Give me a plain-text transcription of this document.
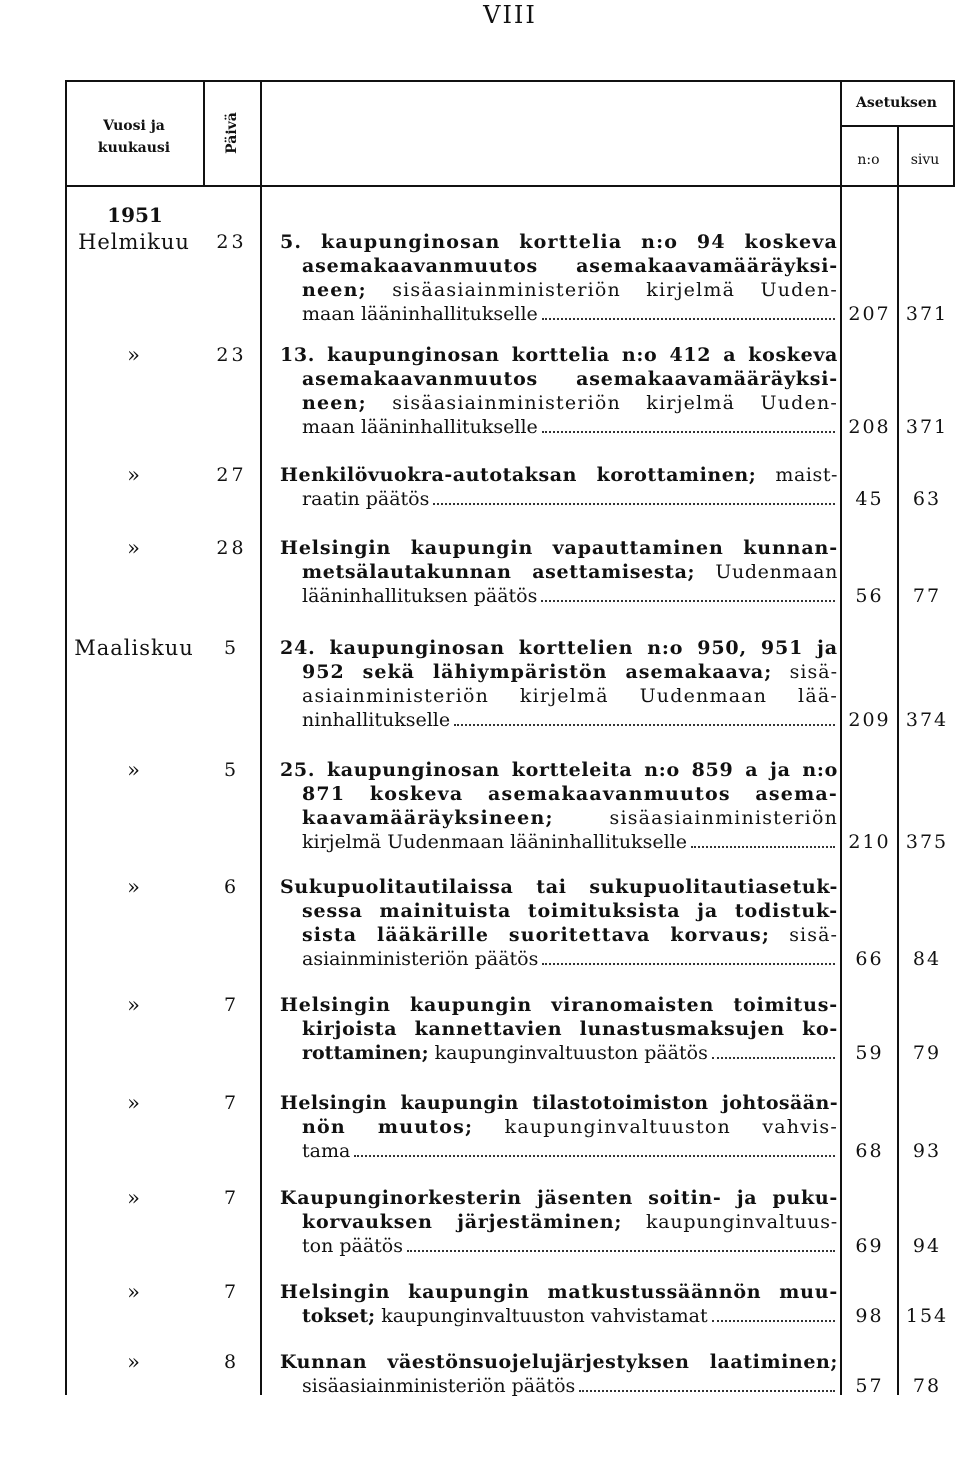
VIII
Vuosi ja
kuukausi	Päivä
Asetuksen
n:o	sivu
1951
Helmikuu	23	5. kaupunginosan korttelia n:o 94 koskeva
asemakaavanmuutos asemakaavamääräyksi-
neen; sisäasiainministeriön kirjelmä Uuden-
maan lääninhallitukselle	207 371
»	23	13. kaupunginosan korttelia n:o 412 a koskeva
asemakaavanmuutos asemakaavamääräyksi-
neen; sisäasiainministeriön kirjelmä Uuden-
maan lääninhallitukselle	208 371
»	27	Henkilövuokra-autotaksan korottaminen; maist-
raatin päätös	45	63
»	28	Helsingin kaupungin vapauttaminen kunnan-
metsälautakunnan asettamisesta; Uudenmaan
lääninhallituksen päätös	56	77
Maaliskuu	5	24. kaupunginosan korttelien n:o 950, 951 ja
952 sekä lähiympäristön asemakaava; sisä-
asiainministeriön kirjelmä Uudenmaan lää-
ninhallitukselle	209 374
»	5	25. kaupunginosan kortteleita n:o 859 a ja n:o
871 koskeva asemakaavanmuutos asema-
kaavamääräyksineen;	sisäasiainministeriön
kirjelmä Uudenmaan lääninhallitukselle	210 375
»	6	Sukupuolitautilaissa tai sukupuolitautiasetuk-
sessa mainituista toimituksista ja todistuk-
sista lääkärille suoritettava korvaus; sisä-
asiainministeriön päätös	66	84
»	7	Helsingin kaupungin viranomaisten toimitus-
kirjoista kannettavien lunastusmaksujen ko-
rottaminen; kaupunginvaltuuston päätös	59	79
»	7	Helsingin kaupungin tilastotoimiston johtosään-
nön muutos; kaupunginvaltuuston vahvis-
tama	68	93
»	7	Kaupunginorkesterin jäsenten soitin- ja puku-
korvauksen järjestäminen; kaupunginvaltuus-
ton päätös	69	94
»	7	Helsingin kaupungin matkustussäännön muu-
tokset; kaupunginvaltuuston vahvistamat	98	154
»	8	Kunnan väestönsuojelujärjestyksen laatiminen;
sisäasiainministeriön päätös	57	78
